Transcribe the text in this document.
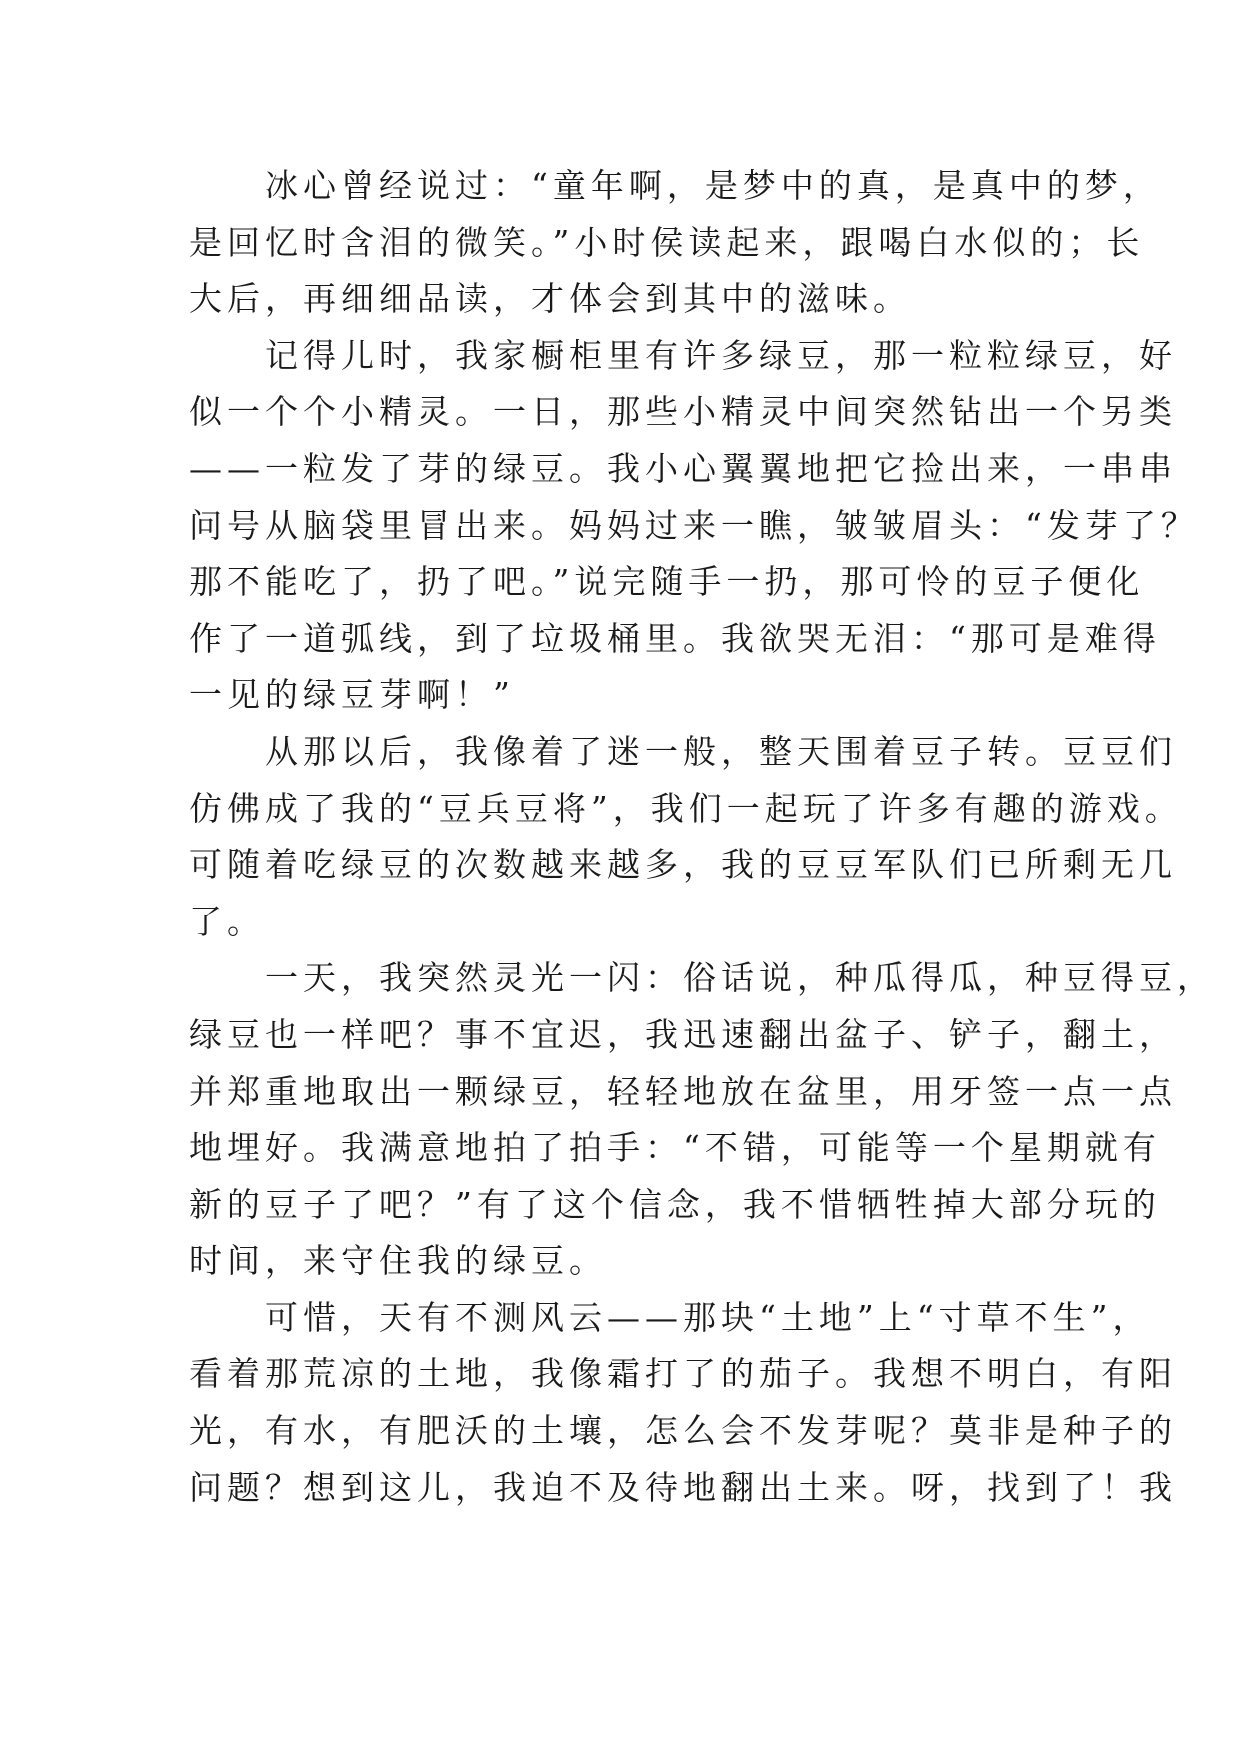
冰心曾经说过：“童年啊，是梦中的真，是真中的梦，
是回忆时含泪的微笑。”小时侯读起来，跟喝白水似的；长
大后，再细细品读，才体会到其中的滋味。
记得儿时，我家橱柜里有许多绿豆，那一粒粒绿豆，好
似一个个小精灵。一日，那些小精灵中间突然钻出一个另类
——一粒发了芽的绿豆。我小心翼翼地把它捡出来，一串串
问号从脑袋里冒出来。妈妈过来一瞧，皱皱眉头：“发芽了？
那不能吃了，扔了吧。”说完随手一扔，那可怜的豆子便化
作了一道弧线，到了垃圾桶里。我欲哭无泪：“那可是难得
一见的绿豆芽啊！”
从那以后，我像着了迷一般，整天围着豆子转。豆豆们
仿佛成了我的“豆兵豆将”，我们一起玩了许多有趣的游戏。
可随着吃绿豆的次数越来越多，我的豆豆军队们已所剩无几
了。
一天，我突然灵光一闪：俗话说，种瓜得瓜，种豆得豆，
绿豆也一样吧？事不宜迟，我迅速翻出盆子、铲子，翻土，
并郑重地取出一颗绿豆，轻轻地放在盆里，用牙签一点一点
地埋好。我满意地拍了拍手：“不错，可能等一个星期就有
新的豆子了吧？”有了这个信念，我不惜牺牲掉大部分玩的
时间，来守住我的绿豆。
可惜，天有不测风云——那块“土地”上“寸草不生”，
看着那荒凉的土地，我像霜打了的茄子。我想不明白，有阳
光，有水，有肥沃的土壤，怎么会不发芽呢？莫非是种子的
问题？想到这儿，我迫不及待地翻出土来。呀，找到了！我
